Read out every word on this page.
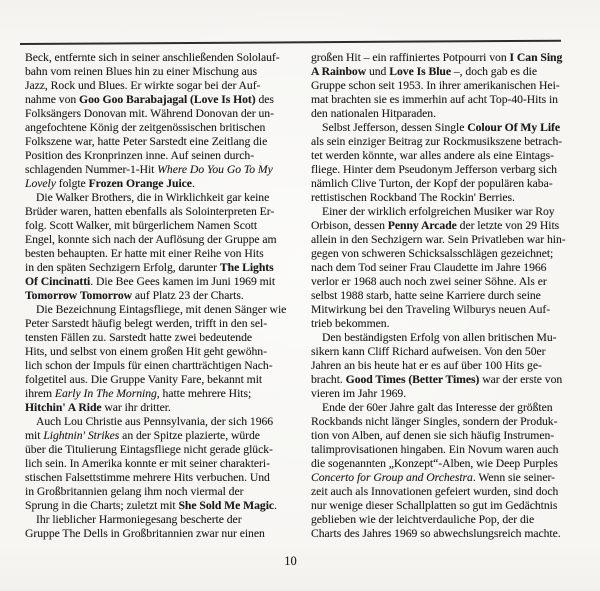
Beck, entfernte sich in seiner anschließenden Sololauf-
bahn vom reinen Blues hin zu einer Mischung aus
Jazz, Rock und Blues. Er wirkte sogar bei der Auf-
nahme von Goo Goo Barabajagal (Love Is Hot) des
Folksängers Donovan mit. Während Donovan der un-
angefochtene König der zeitgenössischen britischen
Folkszene war, hatte Peter Sarstedt eine Zeitlang die
Position des Kronprinzen inne. Auf seinen durch-
schlagenden Nummer-1-Hit Where Do You Go To My
Lovely folgte Frozen Orange Juice.
Die Walker Brothers, die in Wirklichkeit gar keine
Brüder waren, hatten ebenfalls als Solointerpreten Er-
folg. Scott Walker, mit bürgerlichem Namen Scott
Engel, konnte sich nach der Auflösung der Gruppe am
besten behaupten. Er hatte mit einer Reihe von Hits
in den späten Sechzigern Erfolg, darunter The Lights
Of Cincinatti. Die Bee Gees kamen im Juni 1969 mit
Tomorrow Tomorrow auf Platz 23 der Charts.
Die Bezeichnung Eintagsfliege, mit denen Sänger wie
Peter Sarstedt häufig belegt werden, trifft in den sel-
tensten Fällen zu. Sarstedt hatte zwei bedeutende
Hits, und selbst von einem großen Hit geht gewöhn-
lich schon der Impuls für einen chartträchtigen Nach-
folgetitel aus. Die Gruppe Vanity Fare, bekannt mit
ihrem Early In The Morning, hatte mehrere Hits;
Hitchin' A Ride war ihr dritter.
Auch Lou Christie aus Pennsylvania, der sich 1966
mit Lightnin' Strikes an der Spitze plazierte, würde
über die Titulierung Eintagsfliege nicht gerade glück-
lich sein. In Amerika konnte er mit seiner charakteri-
stischen Falsettstimme mehrere Hits verbuchen. Und
in Großbritannien gelang ihm noch viermal der
Sprung in die Charts; zuletzt mit She Sold Me Magic.
Ihr lieblicher Harmoniegesang bescherte der
Gruppe The Dells in Großbritannien zwar nur einen
großen Hit – ein raffiniertes Potpourri von I Can Sing
A Rainbow und Love Is Blue –, doch gab es die
Gruppe schon seit 1953. In ihrer amerikanischen Hei-
mat brachten sie es immerhin auf acht Top-40-Hits in
den nationalen Hitparaden.
Selbst Jefferson, dessen Single Colour Of My Life
als sein einziger Beitrag zur Rockmusikszene betrach-
tet werden könnte, war alles andere als eine Eintags-
fliege. Hinter dem Pseudonym Jefferson verbarg sich
nämlich Clive Turton, der Kopf der populären kaba-
rettistischen Rockband The Rockin' Berries.
Einer der wirklich erfolgreichen Musiker war Roy
Orbison, dessen Penny Arcade der letzte von 29 Hits
allein in den Sechzigern war. Sein Privatleben war hin-
gegen von schweren Schicksalsschlägen gezeichnet;
nach dem Tod seiner Frau Claudette im Jahre 1966
verlor er 1968 auch noch zwei seiner Söhne. Als er
selbst 1988 starb, hatte seine Karriere durch seine
Mitwirkung bei den Traveling Wilburys neuen Auf-
trieb bekommen.
Den beständigsten Erfolg von allen britischen Mu-
sikern kann Cliff Richard aufweisen. Von den 50er
Jahren an bis heute hat er es auf über 100 Hits ge-
bracht. Good Times (Better Times) war der erste von
vieren im Jahr 1969.
Ende der 60er Jahre galt das Interesse der größten
Rockbands nicht länger Singles, sondern der Produk-
tion von Alben, auf denen sie sich häufig Instrumen-
talimprovisationen hingaben. Ein Novum waren auch
die sogenannten „Konzept“-Alben, wie Deep Purples
Concerto for Group and Orchestra. Wenn sie seiner-
zeit auch als Innovationen gefeiert wurden, sind doch
nur wenige dieser Schallplatten so gut im Gedächtnis
geblieben wie der leichtverdauliche Pop, der die
Charts des Jahres 1969 so abwechslungsreich machte.
10
